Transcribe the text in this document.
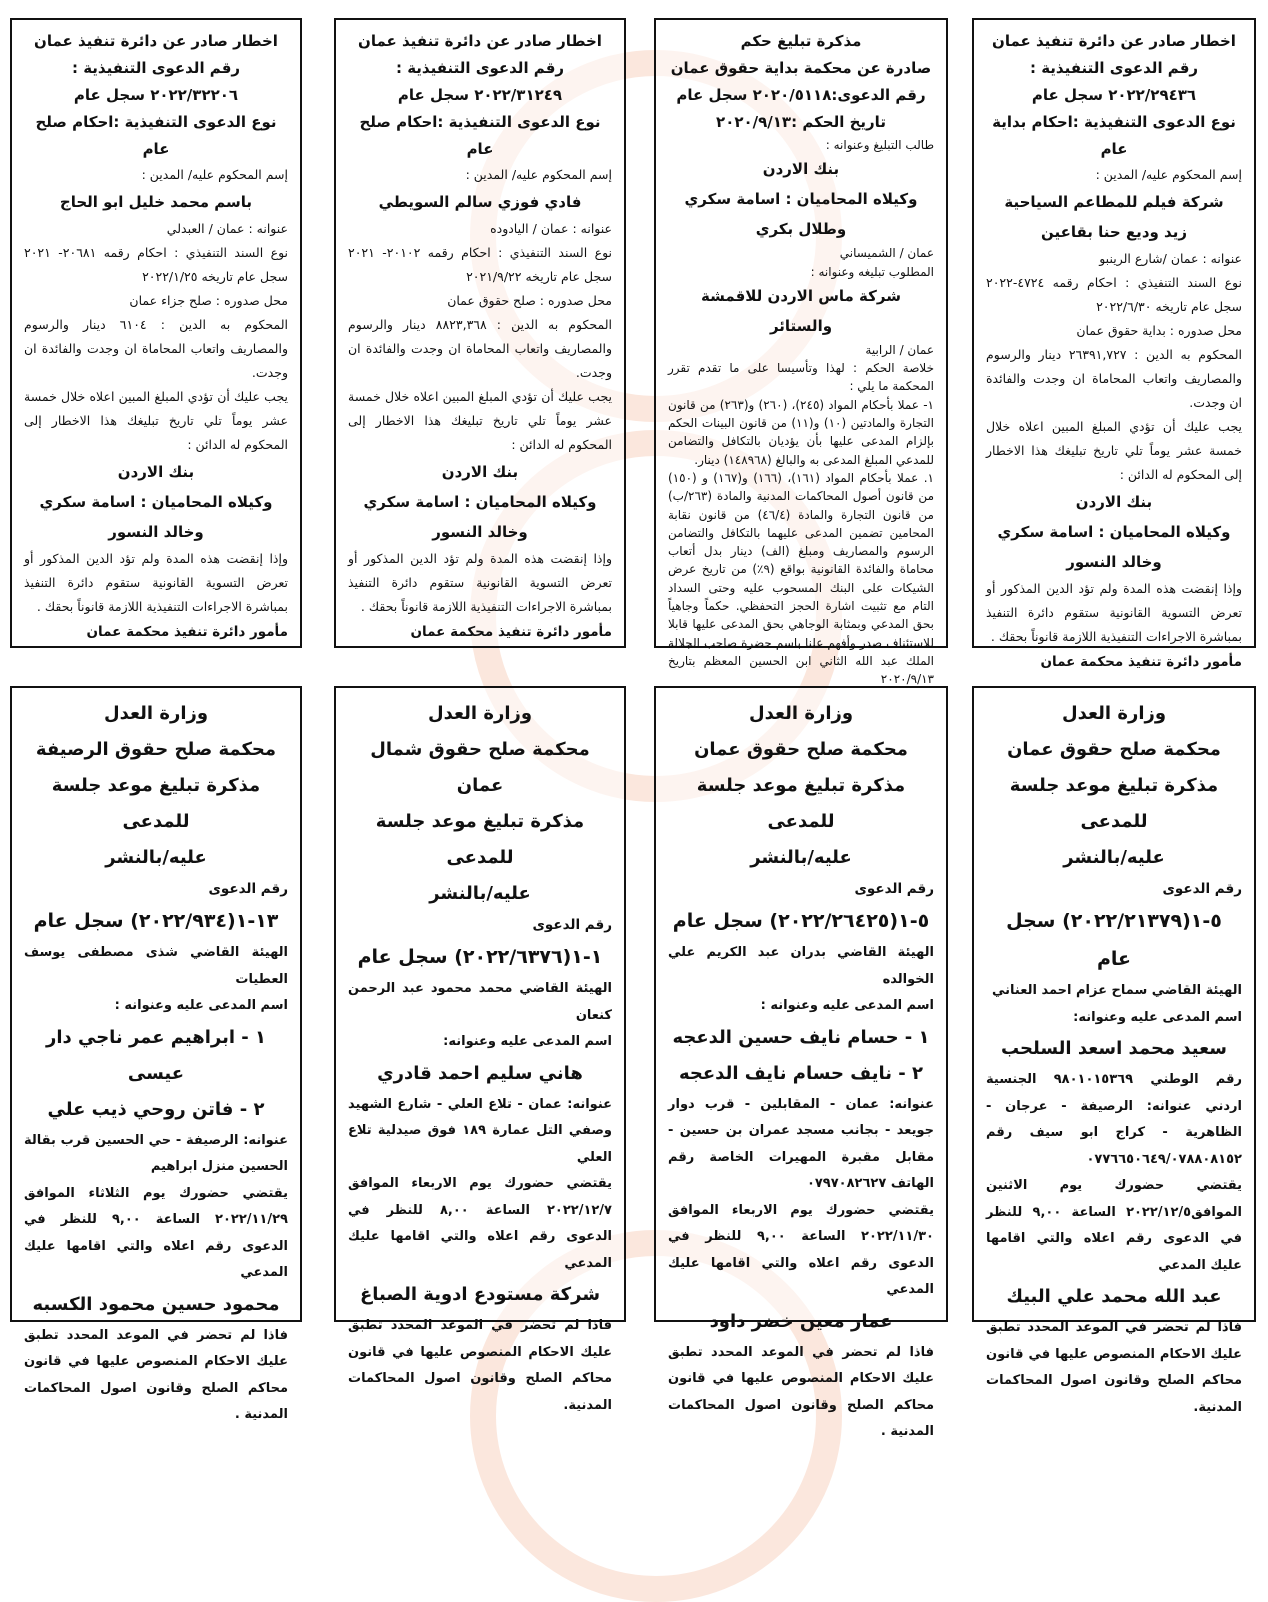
اخطار صادر عن دائرة تنفيذ عمان

رقم الدعوى التنفيذية :

٢٠٢٢/٢٩٤٣٦ سجل عام

نوع الدعوى التنفيذية :احكام بداية عام

إسم المحكوم عليه/ المدين :

شركة فيلم للمطاعم السياحية

زيد وديع حنا بقاعين

عنوانه : عمان /شارع الرينبو

نوع السند التنفيذي : احكام رقمه ٤٧٢٤-٢٠٢٢ سجل عام تاريخه ٢٠٢٢/٦/٣٠

محل صدوره : بداية حقوق عمان

المحكوم به الدين : ٢٦٣٩١,٧٢٧ دينار والرسوم والمصاريف واتعاب المحاماة ان وجدت والفائدة ان وجدت.

يجب عليك أن تؤدي المبلغ المبين اعلاه خلال خمسة عشر يوماً تلي تاريخ تبليغك هذا الاخطار إلى المحكوم له الدائن :

بنك الاردن

وكيلاه المحاميان : اسامة سكري وخالد النسور

وإذا إنقضت هذه المدة ولم تؤد الدين المذكور أو تعرض التسوية القانونية ستقوم دائرة التنفيذ بمباشرة الاجراءات التنفيذية اللازمة قانوناً بحقك .

مأمور دائرة تنفيذ محكمة عمان

مذكرة تبليغ حكم

صادرة عن محكمة بداية حقوق عمان

رقم الدعوى:٢٠٢٠/٥١١٨ سجل عام

تاريخ الحكم :٢٠٢٠/٩/١٣

طالب التبليغ وعنوانه :

بنك الاردن

وكيلاه المحاميان : اسامة سكري وطلال بكري

عمان / الشميساني

المطلوب تبليغه وعنوانه :

شركة ماس الاردن للاقمشة والستائر

عمان / الرابية

خلاصة الحكم : لهذا وتأسيسا على ما تقدم تقرر المحكمة ما يلي :

١- عملا بأحكام المواد (٢٤٥)، (٢٦٠) و(٢٦٣) من قانون التجارة والمادتين (١٠) و(١١) من قانون البينات الحكم بإلزام المدعى عليها بأن يؤديان بالتكافل والتضامن للمدعي المبلغ المدعى به والبالغ (١٤٨٩٦٨) دينار.

١. عملا بأحكام المواد (١٦١)، (١٦٦) و(١٦٧) و (١٥٠) من قانون أصول المحاكمات المدنية والمادة (٢٦٣/ب) من قانون التجارة والمادة (٤٦/٤) من قانون نقابة المحامين تضمين المدعى عليهما بالتكافل والتضامن الرسوم والمصاريف ومبلغ (الف) دينار بدل أتعاب محاماة والفائدة القانونية بواقع (٩٪) من تاريخ عرض الشيكات على البنك المسحوب عليه وحتى السداد التام مع تثبيت اشارة الحجز التحفظي. حكماً وجاهياً بحق المدعي وبمثابة الوجاهي بحق المدعى عليها قابلا للاستئناف صدر وأفهم علنا باسم حضرة صاحب الجلالة الملك عبد الله الثاني ابن الحسين المعظم بتاريخ ٢٠٢٠/٩/١٣

اخطار صادر عن دائرة تنفيذ عمان

رقم الدعوى التنفيذية :

٢٠٢٢/٣١٢٤٩ سجل عام

نوع الدعوى التنفيذية :احكام صلح عام

إسم المحكوم عليه/ المدين :

فادي فوزي سالم السويطي

عنوانه : عمان / اليادوده

نوع السند التنفيذي : احكام رقمه ٢٠١٠٢- ٢٠٢١ سجل عام تاريخه ٢٠٢١/٩/٢٢

محل صدوره : صلح حقوق عمان

المحكوم به الدين : ٨٨٢٣,٣٦٨ دينار والرسوم والمصاريف واتعاب المحاماة ان وجدت والفائدة ان وجدت.

يجب عليك أن تؤدي المبلغ المبين اعلاه خلال خمسة عشر يوماً تلي تاريخ تبليغك هذا الاخطار إلى المحكوم له الدائن :

بنك الاردن

وكيلاه المحاميان : اسامة سكري وخالد النسور

وإذا إنقضت هذه المدة ولم تؤد الدين المذكور أو تعرض التسوية القانونية ستقوم دائرة التنفيذ بمباشرة الاجراءات التنفيذية اللازمة قانوناً بحقك .

مأمور دائرة تنفيذ محكمة عمان

اخطار صادر عن دائرة تنفيذ عمان

رقم الدعوى التنفيذية :

٢٠٢٢/٣٢٢٠٦ سجل عام

نوع الدعوى التنفيذية :احكام صلح عام

إسم المحكوم عليه/ المدين :

باسم محمد خليل ابو الحاج

عنوانه : عمان / العبدلي

نوع السند التنفيذي : احكام رقمه ٢٠٦٨١- ٢٠٢١ سجل عام تاريخه ٢٠٢٢/١/٢٥

محل صدوره : صلح جزاء عمان

المحكوم به الدين : ٦١٠٤ دينار والرسوم والمصاريف واتعاب المحاماة ان وجدت والفائدة ان وجدت.

يجب عليك أن تؤدي المبلغ المبين اعلاه خلال خمسة عشر يوماً تلي تاريخ تبليغك هذا الاخطار إلى المحكوم له الدائن :

بنك الاردن

وكيلاه المحاميان : اسامة سكري وخالد النسور

وإذا إنقضت هذه المدة ولم تؤد الدين المذكور أو تعرض التسوية القانونية ستقوم دائرة التنفيذ بمباشرة الاجراءات التنفيذية اللازمة قانوناً بحقك .

مأمور دائرة تنفيذ محكمة عمان

وزارة العدل

محكمة صلح حقوق عمان

مذكرة تبليغ موعد جلسة للمدعى

عليه/بالنشر

رقم الدعوى

٥-١(٢٠٢٢/٢١٣٧٩) سجل عام

الهيئة القاضي سماح عزام احمد العناني

اسم المدعى عليه وعنوانه:

سعيد محمد اسعد السلحب

رقم الوطني ٩٨٠١٠١٥٣٦٩ الجنسية اردني عنوانه: الرصيفة - عرجان - الظاهرية - كراج ابو سيف رقم ٠٧٧٦٦٥٠٦٤٩/٠٧٨٨٠٨١٥٢

يقتضي حضورك يوم الاثنين الموافق٢٠٢٢/١٢/٥ الساعة ٩,٠٠ للنظر في الدعوى رقم اعلاه والتي اقامها عليك المدعي

عبد الله محمد علي البيك

فاذا لم تحضر في الموعد المحدد تطبق عليك الاحكام المنصوص عليها في قانون محاكم الصلح وقانون اصول المحاكمات المدنية.

وزارة العدل

محكمة صلح حقوق عمان

مذكرة تبليغ موعد جلسة للمدعى

عليه/بالنشر

رقم الدعوى

٥-١(٢٠٢٢/٢٦٤٢٥) سجل عام

الهيئة القاضي بدران عبد الكريم علي الخوالده

اسم المدعى عليه وعنوانه :

١ - حسام نايف حسين الدعجه

٢ - نايف حسام نايف الدعجه

عنوانه: عمان - المقابلين - قرب دوار جويعد - بجانب مسجد عمران بن حسين - مقابل مقبرة المهيرات الخاصة رقم الهاتف ٠٧٩٧٠٨٢٦٢٧

يقتضي حضورك يوم الاربعاء الموافق ٢٠٢٢/١١/٣٠ الساعة ٩,٠٠ للنظر في الدعوى رقم اعلاه والتي اقامها عليك المدعي

عمار معين خضر داود

فاذا لم تحضر في الموعد المحدد تطبق عليك الاحكام المنصوص عليها في قانون محاكم الصلح وقانون اصول المحاكمات المدنية .

وزارة العدل

محكمة صلح حقوق شمال عمان

مذكرة تبليغ موعد جلسة للمدعى

عليه/بالنشر

رقم الدعوى

١-١(٢٠٢٢/٦٣٧٦) سجل عام

الهيئة القاضي محمد محمود عبد الرحمن كنعان

اسم المدعى عليه وعنوانه:

هاني سليم احمد قادري

عنوانه: عمان - تلاع العلي - شارع الشهيد وصفي التل عمارة ١٨٩ فوق صيدلية تلاع العلي

يقتضي حضورك يوم الاربعاء الموافق ٢٠٢٢/١٢/٧ الساعة ٨,٠٠ للنظر في الدعوى رقم اعلاه والتي اقامها عليك المدعي

شركة مستودع ادوية الصباغ

فاذا لم تحضر في الموعد المحدد تطبق عليك الاحكام المنصوص عليها في قانون محاكم الصلح وقانون اصول المحاكمات المدنية.

وزارة العدل

محكمة صلح حقوق الرصيفة

مذكرة تبليغ موعد جلسة للمدعى

عليه/بالنشر

رقم الدعوى

١٣-١(٢٠٢٢/٩٣٤) سجل عام

الهيئة القاضي شذى مصطفى يوسف العطيات

اسم المدعى عليه وعنوانه :

١ - ابراهيم عمر ناجي دار عيسى

٢ - فاتن روحي ذيب علي

عنوانه: الرصيفة - حي الحسين قرب بقالة الحسين منزل ابراهيم

يقتضي حضورك يوم الثلاثاء الموافق ٢٠٢٢/١١/٢٩ الساعة ٩,٠٠ للنظر في الدعوى رقم اعلاه والتي اقامها عليك المدعي

محمود حسين محمود الكسبه

فاذا لم تحضر في الموعد المحدد تطبق عليك الاحكام المنصوص عليها في قانون محاكم الصلح وقانون اصول المحاكمات المدنية .
